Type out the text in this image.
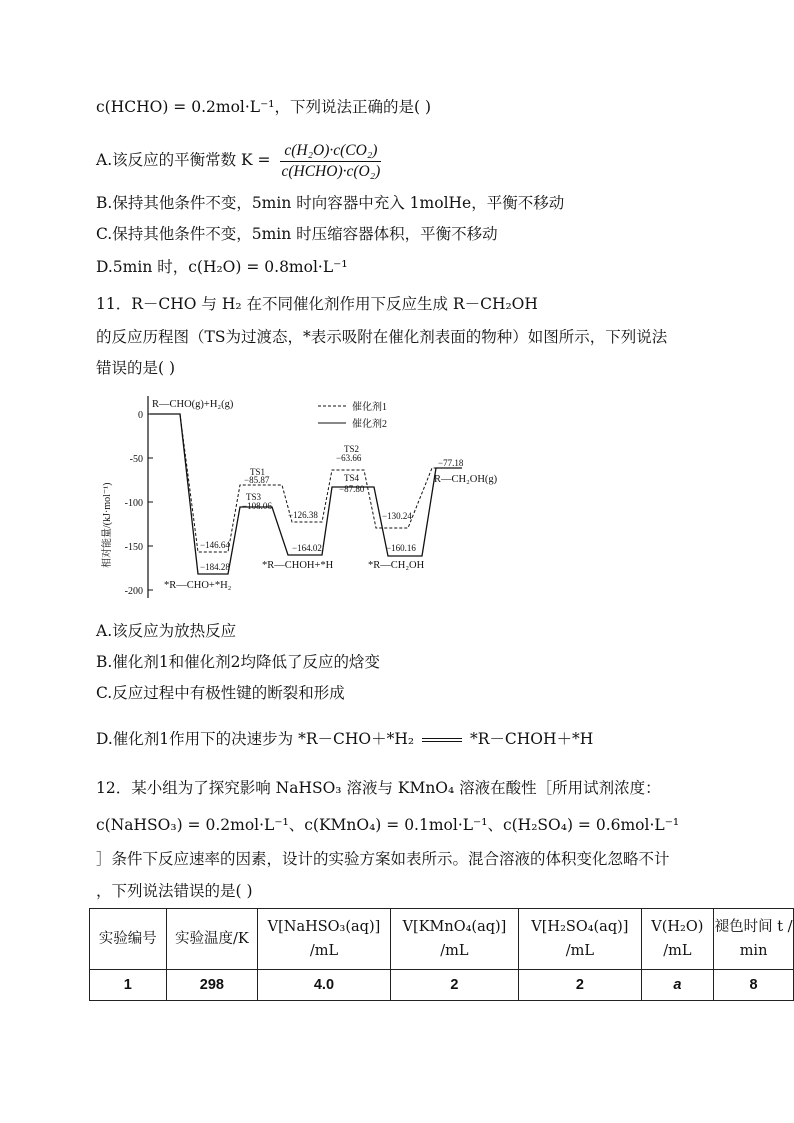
c(HCHO) = 0.2mol·L⁻¹，下列说法正确的是( )
A.该反应的平衡常数 $K = \frac{\text{c(H₂O)·c(CO₂)}}{\text{c(HCHO)·c(O₂)}}$
B.保持其他条件不变，5min 时向容器中充入 1molHe，平衡不移动
C.保持其他条件不变，5min 时压缩容器体积，平衡不移动
D.5min 时，c(H₂O) = 0.8mol·L⁻¹
11．R－CHO 与 H₂ 在不同催化剂作用下反应生成 R－CH₂OH
的反应历程图（TS为过渡态，*表示吸附在催化剂表面的物种）如图所示，下列说法
错误的是( )
0
-50
-100
-150
-200
相对能量/(kJ·mol⁻¹)
催化剂1
催化剂2
R—CHO(g)+H₂(g)
−146.64
−184.28
TS1
−85.87
TS3
−108.06
−126.38
−164.02
TS2
−63.66
TS4
−87.80
−130.24
−160.16
−77.18
R—CH₂OH(g)
*R—CHO+*H₂
*R—CHOH+*H	*R—CH₂OH
A.该反应为放热反应
B.催化剂1和催化剂2均降低了反应的焓变
C.反应过程中有极性键的断裂和形成
D.催化剂1作用下的决速步为 *R－CHO＋*H₂	*R－CHOH＋*H
12．某小组为了探究影响 NaHSO₃ 溶液与 KMnO₄ 溶液在酸性［所用试剂浓度：
c(NaHSO₃) = 0.2mol·L⁻¹、c(KMnO₄) = 0.1mol·L⁻¹、c(H₂SO₄) = 0.6mol·L⁻¹
］条件下反应速率的因素，设计的实验方案如表所示。混合溶液的体积变化忽略不计
，下列说法错误的是( )
实验编号	实验温度/K	V[NaHSO₃(aq)] /mL	V[KMnO₄(aq)] /mL	V[H₂SO₄(aq)] /mL	V(H₂O) /mL	褪色时间 t / min
1	298	4.0	2	2	a	8
